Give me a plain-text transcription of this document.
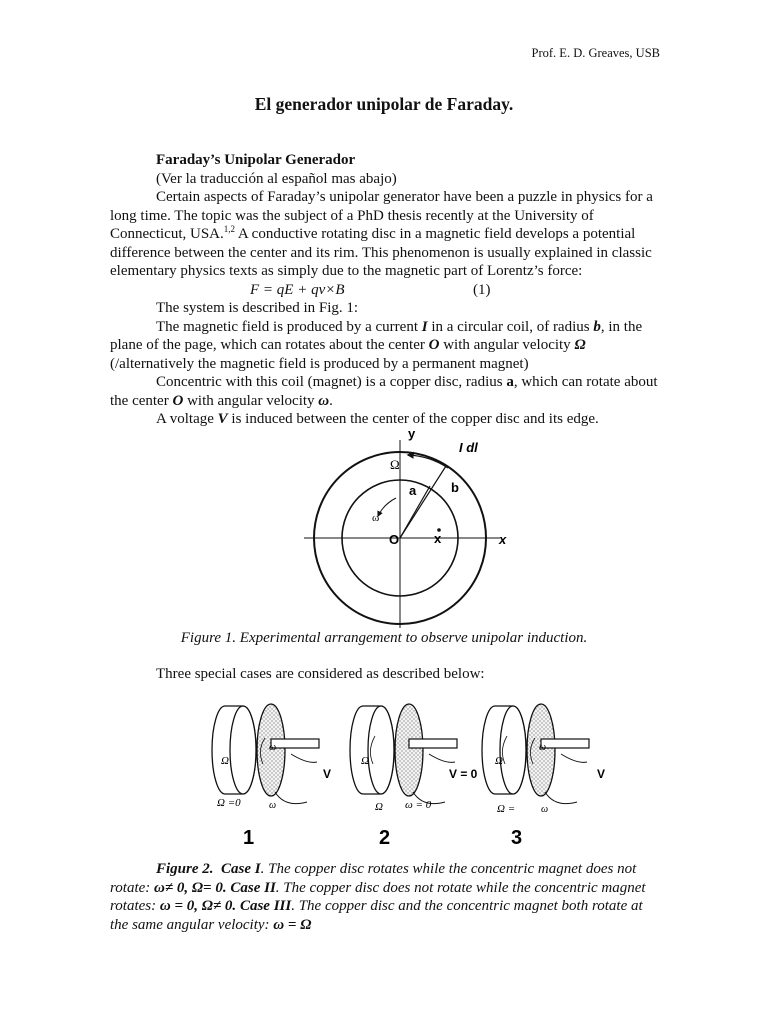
Prof. E. D. Greaves, USB
El generador unipolar de Faraday.

Faraday’s Unipolar Generador

(Ver la traducción al español mas abajo)

Certain aspects of Faraday’s unipolar generator have been a puzzle in physics for a long time. The topic was the subject of a PhD thesis recently at the University of Connecticut, USA.$^{1,2}$ A conductive rotating disc in a magnetic field develops a potential difference between the center and its rim. This phenomenon is usually explained in classic elementary physics texts as simply due to the magnetic part of Lorentz’s force:

F = qE + qv×B	(1)

The system is described in Fig. 1:

The magnetic field is produced by a current I in a circular coil, of radius b, in the plane of the page, which can rotates about the center O with angular velocity Ω (/alternatively the magnetic field is produced by a permanent magnet)

Concentric with this coil (magnet) is a copper disc, radius a, which can rotate about the center O with angular velocity ω.

A voltage V is induced between the center of the copper disc and its edge.

y
I dl
Ω
a	b
ω
O	x	x
Figure 1. Experimental arrangement to observe unipolar induction.
Three special cases are considered as described below:
ω
Ω
V
Ω =0	ω
1
Ω
V = 0
Ω ω = 0
2
ω
Ω
V
Ω =	ω
3
Figure 2. Case I. The copper disc rotates while the concentric magnet does not rotate: ω≠ 0, Ω= 0. Case II. The copper disc does not rotate while the concentric magnet rotates: ω = 0, Ω≠ 0. Case III. The copper disc and the concentric magnet both rotate at the same angular velocity: ω = Ω
